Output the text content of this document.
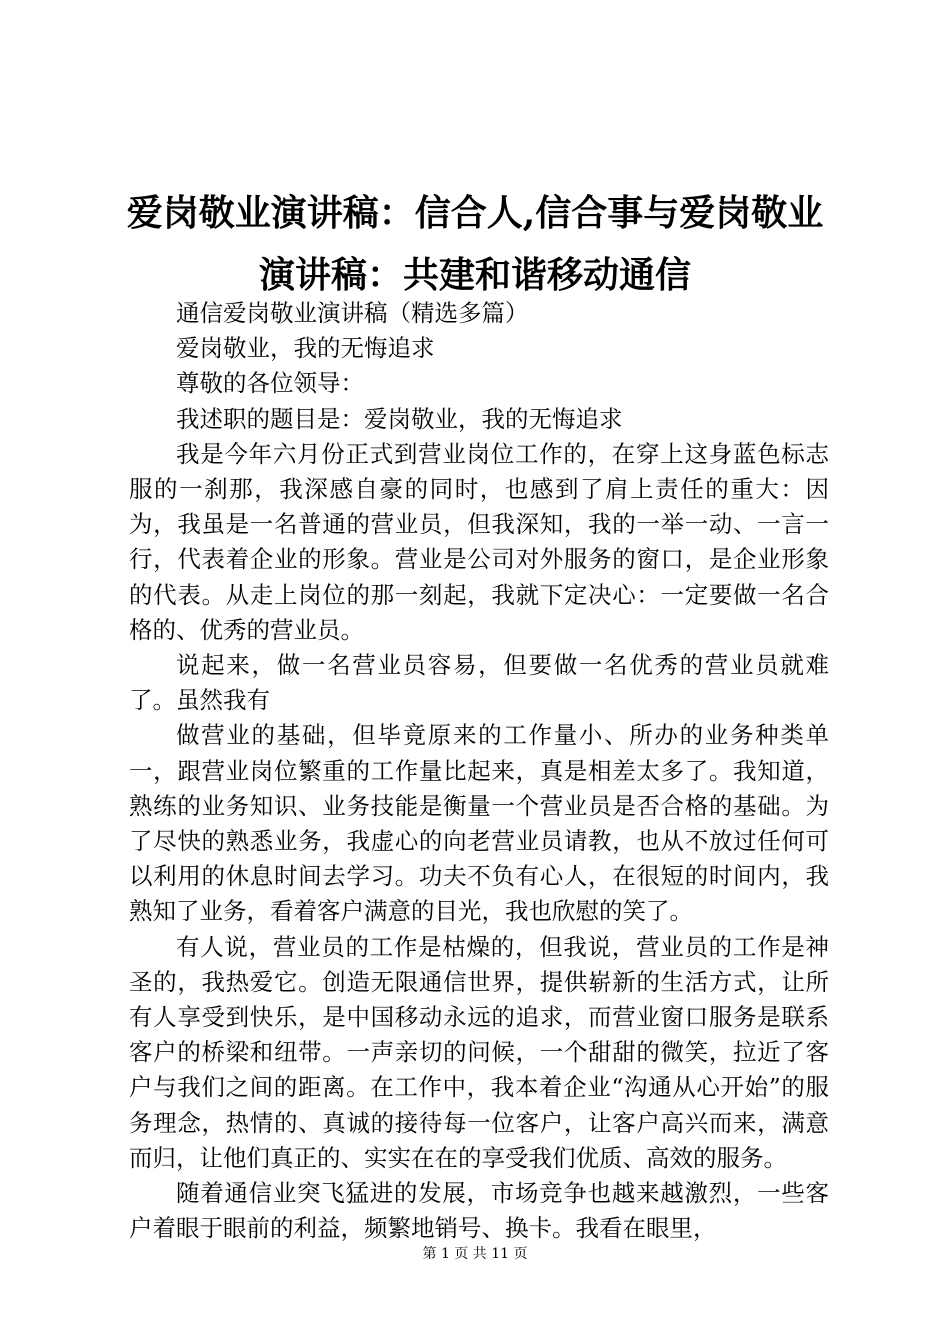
爱岗敬业演讲稿：信合人,信合事与爱岗敬业
演讲稿：共建和谐移动通信

通信爱岗敬业演讲稿（精选多篇）

爱岗敬业，我的无悔追求

尊敬的各位领导：

我述职的题目是：爱岗敬业，我的无悔追求

我是今年六月份正式到营业岗位工作的，在穿上这身蓝色标志服的一刹那，我深感自豪的同时，也感到了肩上责任的重大：因为，我虽是一名普通的营业员，但我深知，我的一举一动、一言一行，代表着企业的形象。营业是公司对外服务的窗口，是企业形象的代表。从走上岗位的那一刻起，我就下定决心：一定要做一名合格的、优秀的营业员。

说起来，做一名营业员容易，但要做一名优秀的营业员就难了。虽然我有

做营业的基础，但毕竟原来的工作量小、所办的业务种类单一，跟营业岗位繁重的工作量比起来，真是相差太多了。我知道，熟练的业务知识、业务技能是衡量一个营业员是否合格的基础。为了尽快的熟悉业务，我虚心的向老营业员请教，也从不放过任何可以利用的休息时间去学习。功夫不负有心人，在很短的时间内，我熟知了业务，看着客户满意的目光，我也欣慰的笑了。

有人说，营业员的工作是枯燥的，但我说，营业员的工作是神圣的，我热爱它。创造无限通信世界，提供崭新的生活方式，让所有人享受到快乐，是中国移动永远的追求，而营业窗口服务是联系客户的桥梁和纽带。一声亲切的问候，一个甜甜的微笑，拉近了客户与我们之间的距离。在工作中，我本着企业“沟通从心开始”的服务理念，热情的、真诚的接待每一位客户，让客户高兴而来，满意而归，让他们真正的、实实在在的享受我们优质、高效的服务。

随着通信业突飞猛进的发展，市场竞争也越来越激烈，一些客户着眼于眼前的利益，频繁地销号、换卡。我看在眼里，

第 1 页 共 11 页
